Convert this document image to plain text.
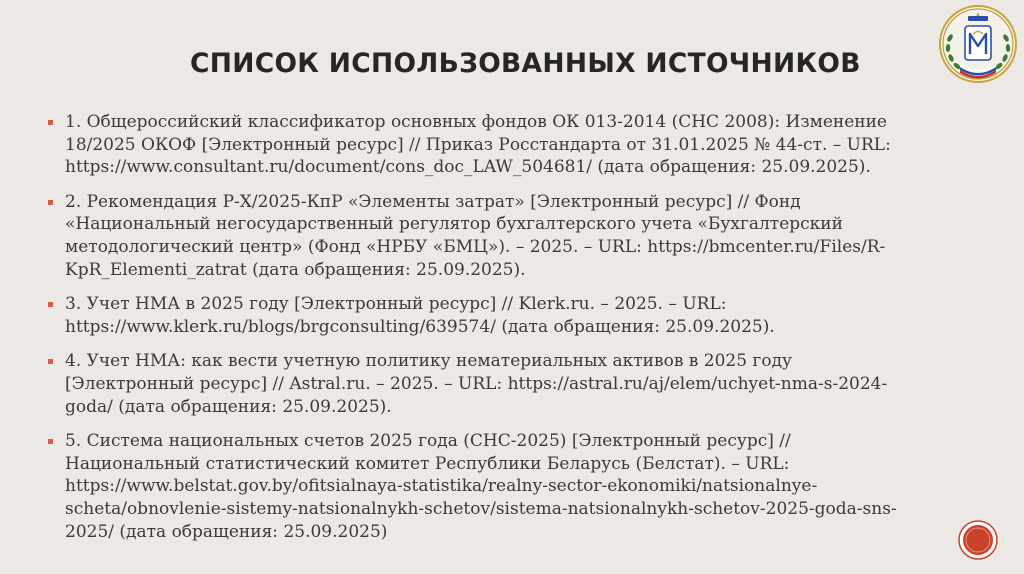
СПИСОК ИСПОЛЬЗОВАННЫХ ИСТОЧНИКОВ
1. Общероссийский классификатор основных фондов ОК 013-2014 (СНС 2008): Изменение 18/2025 ОКОФ [Электронный ресурс] // Приказ Росстандарта от 31.01.2025 № 44-ст. – URL: https://www.consultant.ru/document/cons_doc_LAW_504681/ (дата обращения: 25.09.2025).
2. Рекомендация Р-Х/2025-КпР «Элементы затрат» [Электронный ресурс] // Фонд «Национальный негосударственный регулятор бухгалтерского учета «Бухгалтерский методологический центр» (Фонд «НРБУ «БМЦ»). – 2025. – URL: https://bmcenter.ru/Files/R-KpR_Elementi_zatrat (дата обращения: 25.09.2025).
3. Учет НМА в 2025 году [Электронный ресурс] // Klerk.ru. – 2025. – URL: https://www.klerk.ru/blogs/brgconsulting/639574/ (дата обращения: 25.09.2025).
4. Учет НМА: как вести учетную политику нематериальных активов в 2025 году [Электронный ресурс] // Astral.ru. – 2025. – URL: https://astral.ru/aj/elem/uchyet-nma-s-2024-goda/ (дата обращения: 25.09.2025).
5. Система национальных счетов 2025 года (СНС-2025) [Электронный ресурс] // Национальный статистический комитет Республики Беларусь (Белстат). – URL: https://www.belstat.gov.by/ofitsialnaya-statistika/realny-sector-ekonomiki/natsionalnye-scheta/obnovlenie-sistemy-natsionalnykh-schetov/sistema-natsionalnykh-schetov-2025-goda-sns-2025/ (дата обращения: 25.09.2025)
